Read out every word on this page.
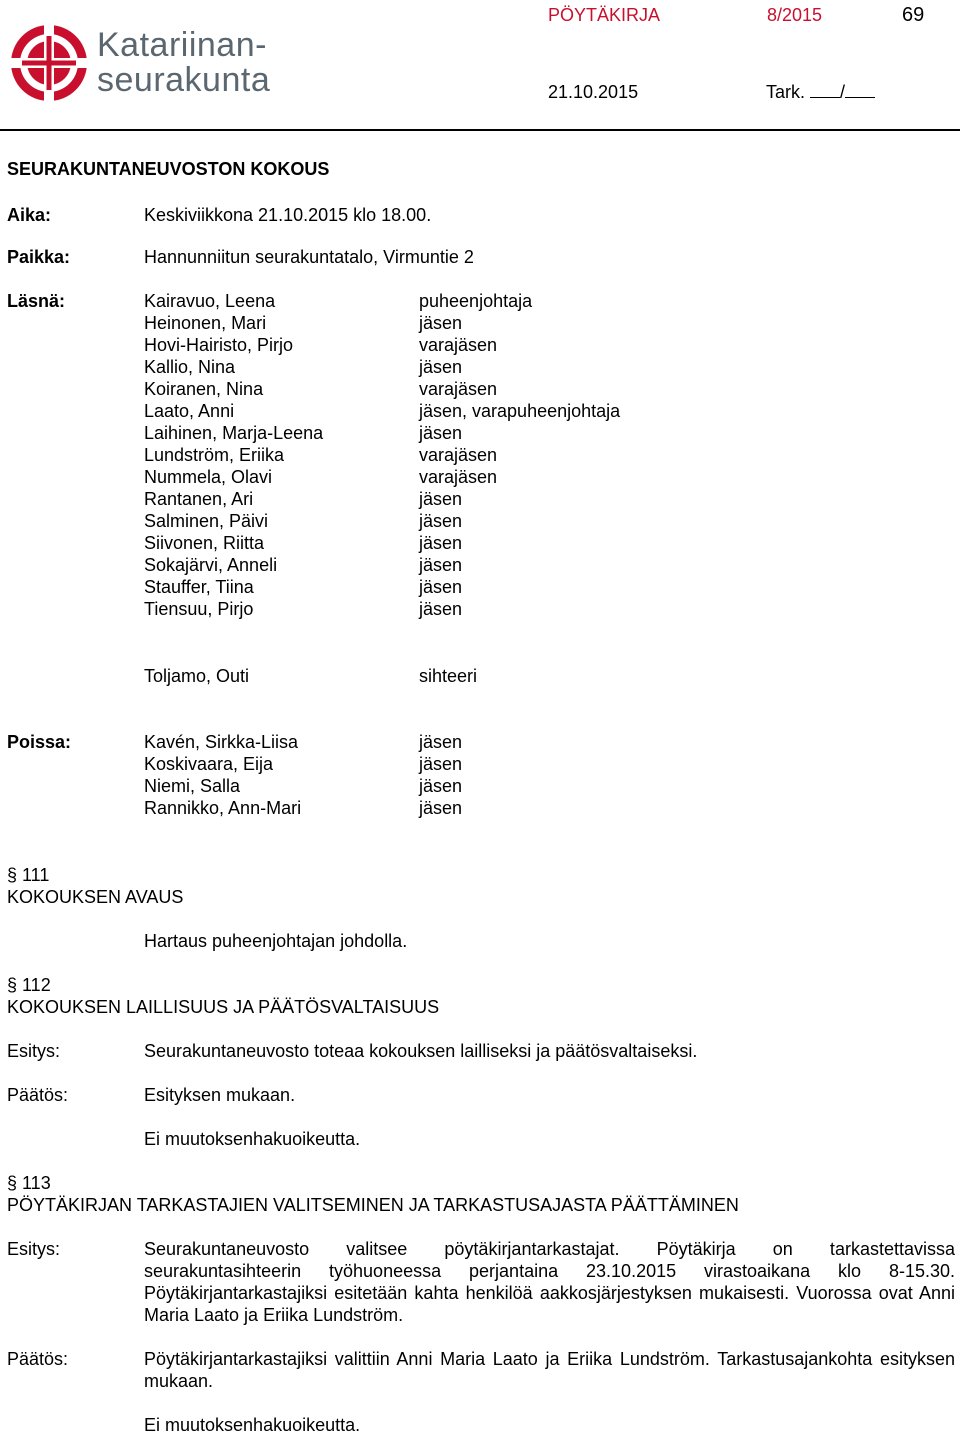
Katariinan-
seurakunta
PÖYTÄKIRJA	8/2015	69
21.10.2015	Tark. /
SEURAKUNTANEUVOSTON KOKOUS
Aika:	Keskiviikkona 21.10.2015 klo 18.00.
Paikka:	Hannunniitun seurakuntatalo, Virmuntie 2
Läsnä:	Kairavuo, Leena	puheenjohtaja
Heinonen, Mari	jäsen
Hovi-Hairisto, Pirjo	varajäsen
Kallio, Nina	jäsen
Koiranen, Nina	varajäsen
Laato, Anni	jäsen, varapuheenjohtaja
Laihinen, Marja-Leena	jäsen
Lundström, Eriika	varajäsen
Nummela, Olavi	varajäsen
Rantanen, Ari	jäsen
Salminen, Päivi	jäsen
Siivonen, Riitta	jäsen
Sokajärvi, Anneli	jäsen
Stauffer, Tiina	jäsen
Tiensuu, Pirjo	jäsen
Toljamo, Outi	sihteeri
Poissa:	Kavén, Sirkka-Liisa	jäsen
Koskivaara, Eija	jäsen
Niemi, Salla	jäsen
Rannikko, Ann-Mari	jäsen
§ 111
KOKOUKSEN AVAUS
Hartaus puheenjohtajan johdolla.
§ 112
KOKOUKSEN LAILLISUUS JA PÄÄTÖSVALTAISUUS
Esitys:	Seurakuntaneuvosto toteaa kokouksen lailliseksi ja päätösvaltaiseksi.
Päätös:	Esityksen mukaan.
Ei muutoksenhakuoikeutta.
§ 113
PÖYTÄKIRJAN TARKASTAJIEN VALITSEMINEN JA TARKASTUSAJASTA PÄÄTTÄMINEN
Esitys:	Seurakuntaneuvosto valitsee pöytäkirjantarkastajat. Pöytäkirja on tarkastettavissa seurakuntasihteerin työhuoneessa perjantaina 23.10.2015 virastoaikana klo 8-15.30. Pöytäkirjantarkastajiksi esitetään kahta henkilöä aakkosjärjestyksen mukaisesti. Vuorossa ovat Anni Maria Laato ja Eriika Lundström.
Päätös:	Pöytäkirjantarkastajiksi valittiin Anni Maria Laato ja Eriika Lundström. Tarkastusajankohta esityksen mukaan.
Ei muutoksenhakuoikeutta.
